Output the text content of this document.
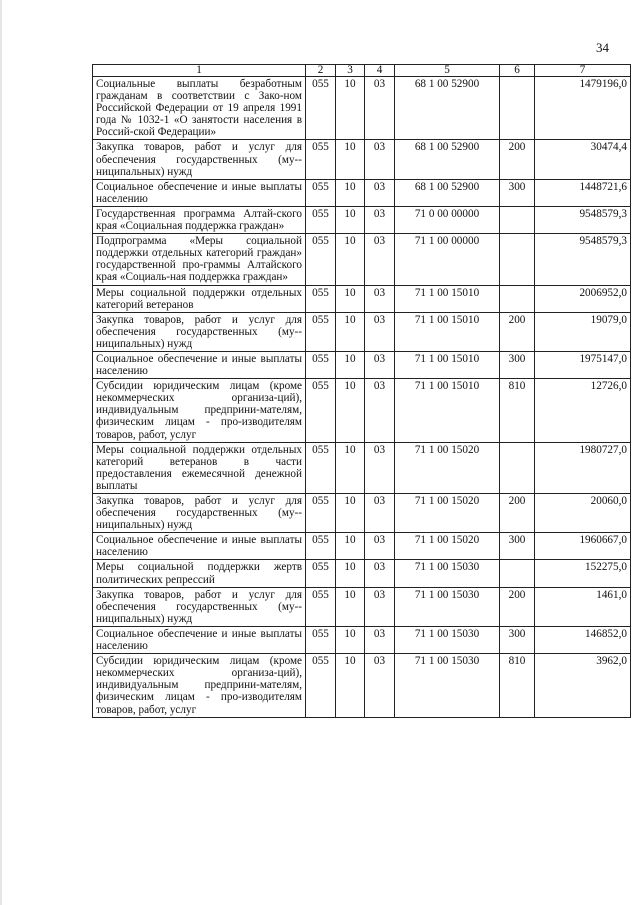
34
1	2	3	4	5	6	7
Социальные выплаты безработным гражданам в соответствии с Зако-ном Российской Федерации от 19 апреля 1991 года № 1032-1 «О занятости населения в Россий-ской Федерации»	055	10	03	68 1 00 52900		1479196,0
Закупка товаров, работ и услуг для обеспечения государственных (му-ниципальных) нужд	055	10	03	68 1 00 52900	200	30474,4
Социальное обеспечение и иные выплаты населению	055	10	03	68 1 00 52900	300	1448721,6
Государственная программа Алтай-ского края «Социальная поддержка граждан»	055	10	03	71 0 00 00000		9548579,3
Подпрограмма «Меры социальной поддержки отдельных категорий граждан» государственной про-граммы Алтайского края «Социаль-ная поддержка граждан»	055	10	03	71 1 00 00000		9548579,3
Меры социальной поддержки отдельных категорий ветеранов	055	10	03	71 1 00 15010		2006952,0
Закупка товаров, работ и услуг для обеспечения государственных (му-ниципальных) нужд	055	10	03	71 1 00 15010	200	19079,0
Социальное обеспечение и иные выплаты населению	055	10	03	71 1 00 15010	300	1975147,0
Субсидии юридическим лицам (кроме некоммерческих организа-ций), индивидуальным предприни-мателям, физическим лицам - про-изводителям товаров, работ, услуг	055	10	03	71 1 00 15010	810	12726,0
Меры социальной поддержки отдельных категорий ветеранов в части предоставления ежемесячной денежной выплаты	055	10	03	71 1 00 15020		1980727,0
Закупка товаров, работ и услуг для обеспечения государственных (му-ниципальных) нужд	055	10	03	71 1 00 15020	200	20060,0
Социальное обеспечение и иные выплаты населению	055	10	03	71 1 00 15020	300	1960667,0
Меры социальной поддержки жертв политических репрессий	055	10	03	71 1 00 15030		152275,0
Закупка товаров, работ и услуг для обеспечения государственных (му-ниципальных) нужд	055	10	03	71 1 00 15030	200	1461,0
Социальное обеспечение и иные выплаты населению	055	10	03	71 1 00 15030	300	146852,0
Субсидии юридическим лицам (кроме некоммерческих организа-ций), индивидуальным предприни-мателям, физическим лицам - про-изводителям товаров, работ, услуг	055	10	03	71 1 00 15030	810	3962,0
